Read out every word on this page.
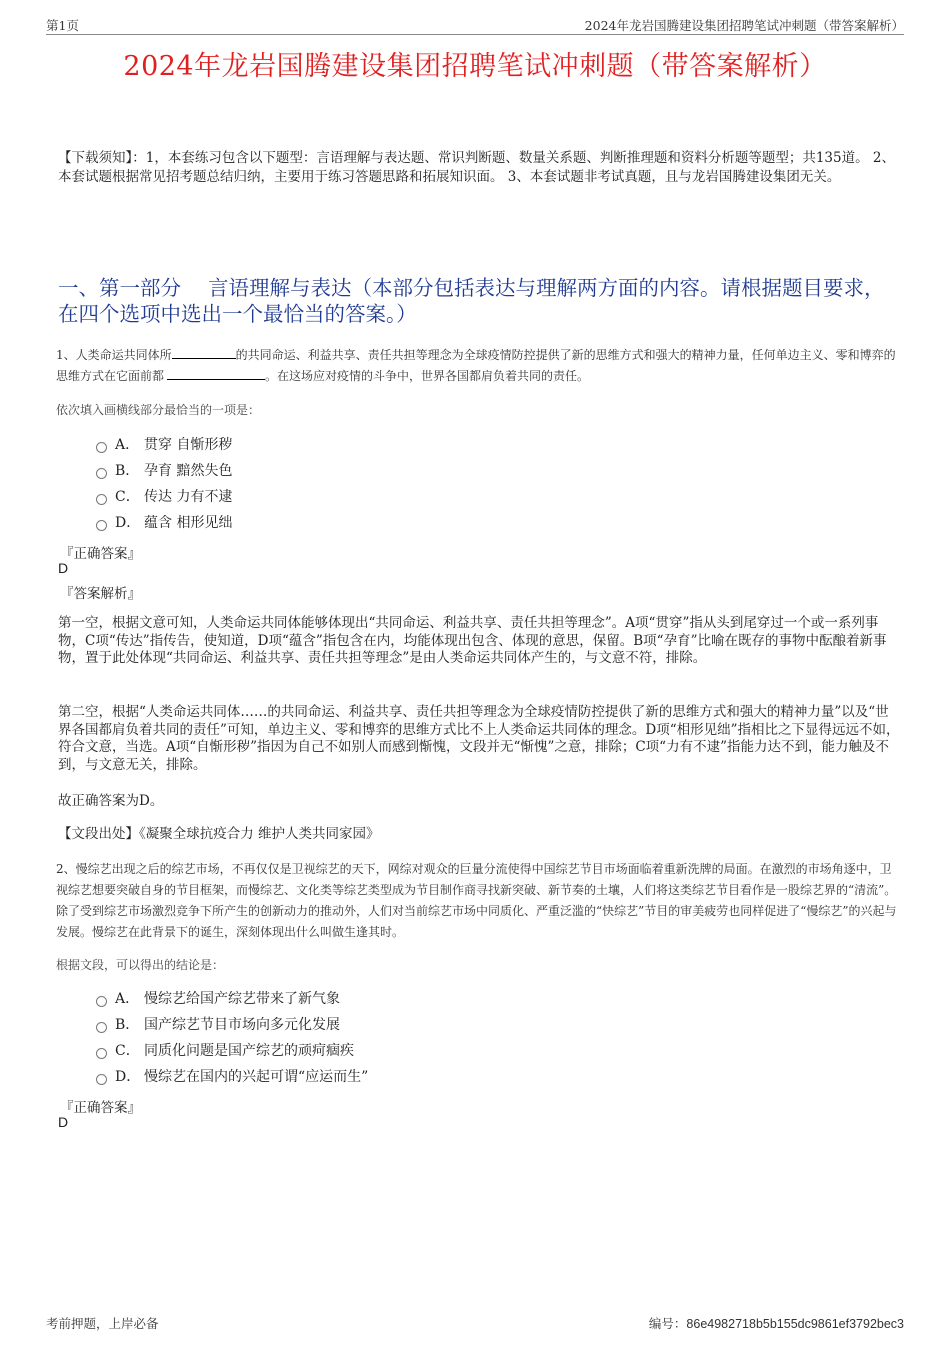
第1页	2024年龙岩国腾建设集团招聘笔试冲刺题（带答案解析）
2024年龙岩国腾建设集团招聘笔试冲刺题（带答案解析）
【下载须知】：1，本套练习包含以下题型：言语理解与表达题、常识判断题、数量关系题、判断推理题和资料分析题等题型；共135道。 2、本套试题根据常见招考题总结归纳，主要用于练习答题思路和拓展知识面。 3、本套试题非考试真题，且与龙岩国腾建设集团无关。
一、第一部分　 言语理解与表达（本部分包括表达与理解两方面的内容。请根据题目要求，在四个选项中选出一个最恰当的答案。）
1、人类命运共同体所	的共同命运、利益共享、责任共担等理念为全球疫情防控提供了新的思维方式和强大的精神力量，任何单边主义、零和博弈的思维方式在它面前都	。在这场应对疫情的斗争中，世界各国都肩负着共同的责任。
依次填入画横线部分最恰当的一项是：
A． 贯穿 自惭形秽
B． 孕育 黯然失色
C． 传达 力有不逮
D． 蕴含 相形见绌
『正确答案』
D
『答案解析』
第一空，根据文意可知，人类命运共同体能够体现出“共同命运、利益共享、责任共担等理念”。A项“贯穿”指从头到尾穿过一个或一系列事物，C项“传达”指传告，使知道，D项“蕴含”指包含在内，均能体现出包含、体现的意思，保留。B项“孕育”比喻在既存的事物中酝酿着新事物，置于此处体现“共同命运、利益共享、责任共担等理念”是由人类命运共同体产生的，与文意不符，排除。
第二空，根据“人类命运共同体……的共同命运、利益共享、责任共担等理念为全球疫情防控提供了新的思维方式和强大的精神力量”以及“世界各国都肩负着共同的责任”可知，单边主义、零和博弈的思维方式比不上人类命运共同体的理念。D项“相形见绌”指相比之下显得远远不如，符合文意，当选。A项“自惭形秽”指因为自己不如别人而感到惭愧，文段并无“惭愧”之意，排除；C项“力有不逮”指能力达不到，能力触及不到，与文意无关，排除。
故正确答案为D。
【文段出处】《凝聚全球抗疫合力 维护人类共同家园》
2、慢综艺出现之后的综艺市场，不再仅仅是卫视综艺的天下，网综对观众的巨量分流使得中国综艺节目市场面临着重新洗牌的局面。在激烈的市场角逐中，卫视综艺想要突破自身的节目框架，而慢综艺、文化类等综艺类型成为节目制作商寻找新突破、新节奏的土壤，人们将这类综艺节目看作是一股综艺界的“清流”。除了受到综艺市场激烈竞争下所产生的创新动力的推动外，人们对当前综艺市场中同质化、严重泛滥的“快综艺”节目的审美疲劳也同样促进了“慢综艺”的兴起与发展。慢综艺在此背景下的诞生，深刻体现出什么叫做生逢其时。
根据文段，可以得出的结论是：
A． 慢综艺给国产综艺带来了新气象
B． 国产综艺节目市场向多元化发展
C． 同质化问题是国产综艺的顽疴痼疾
D． 慢综艺在国内的兴起可谓“应运而生”
『正确答案』
D
考前押题，上岸必备	编号：86e4982718b5b155dc9861ef3792bec3
